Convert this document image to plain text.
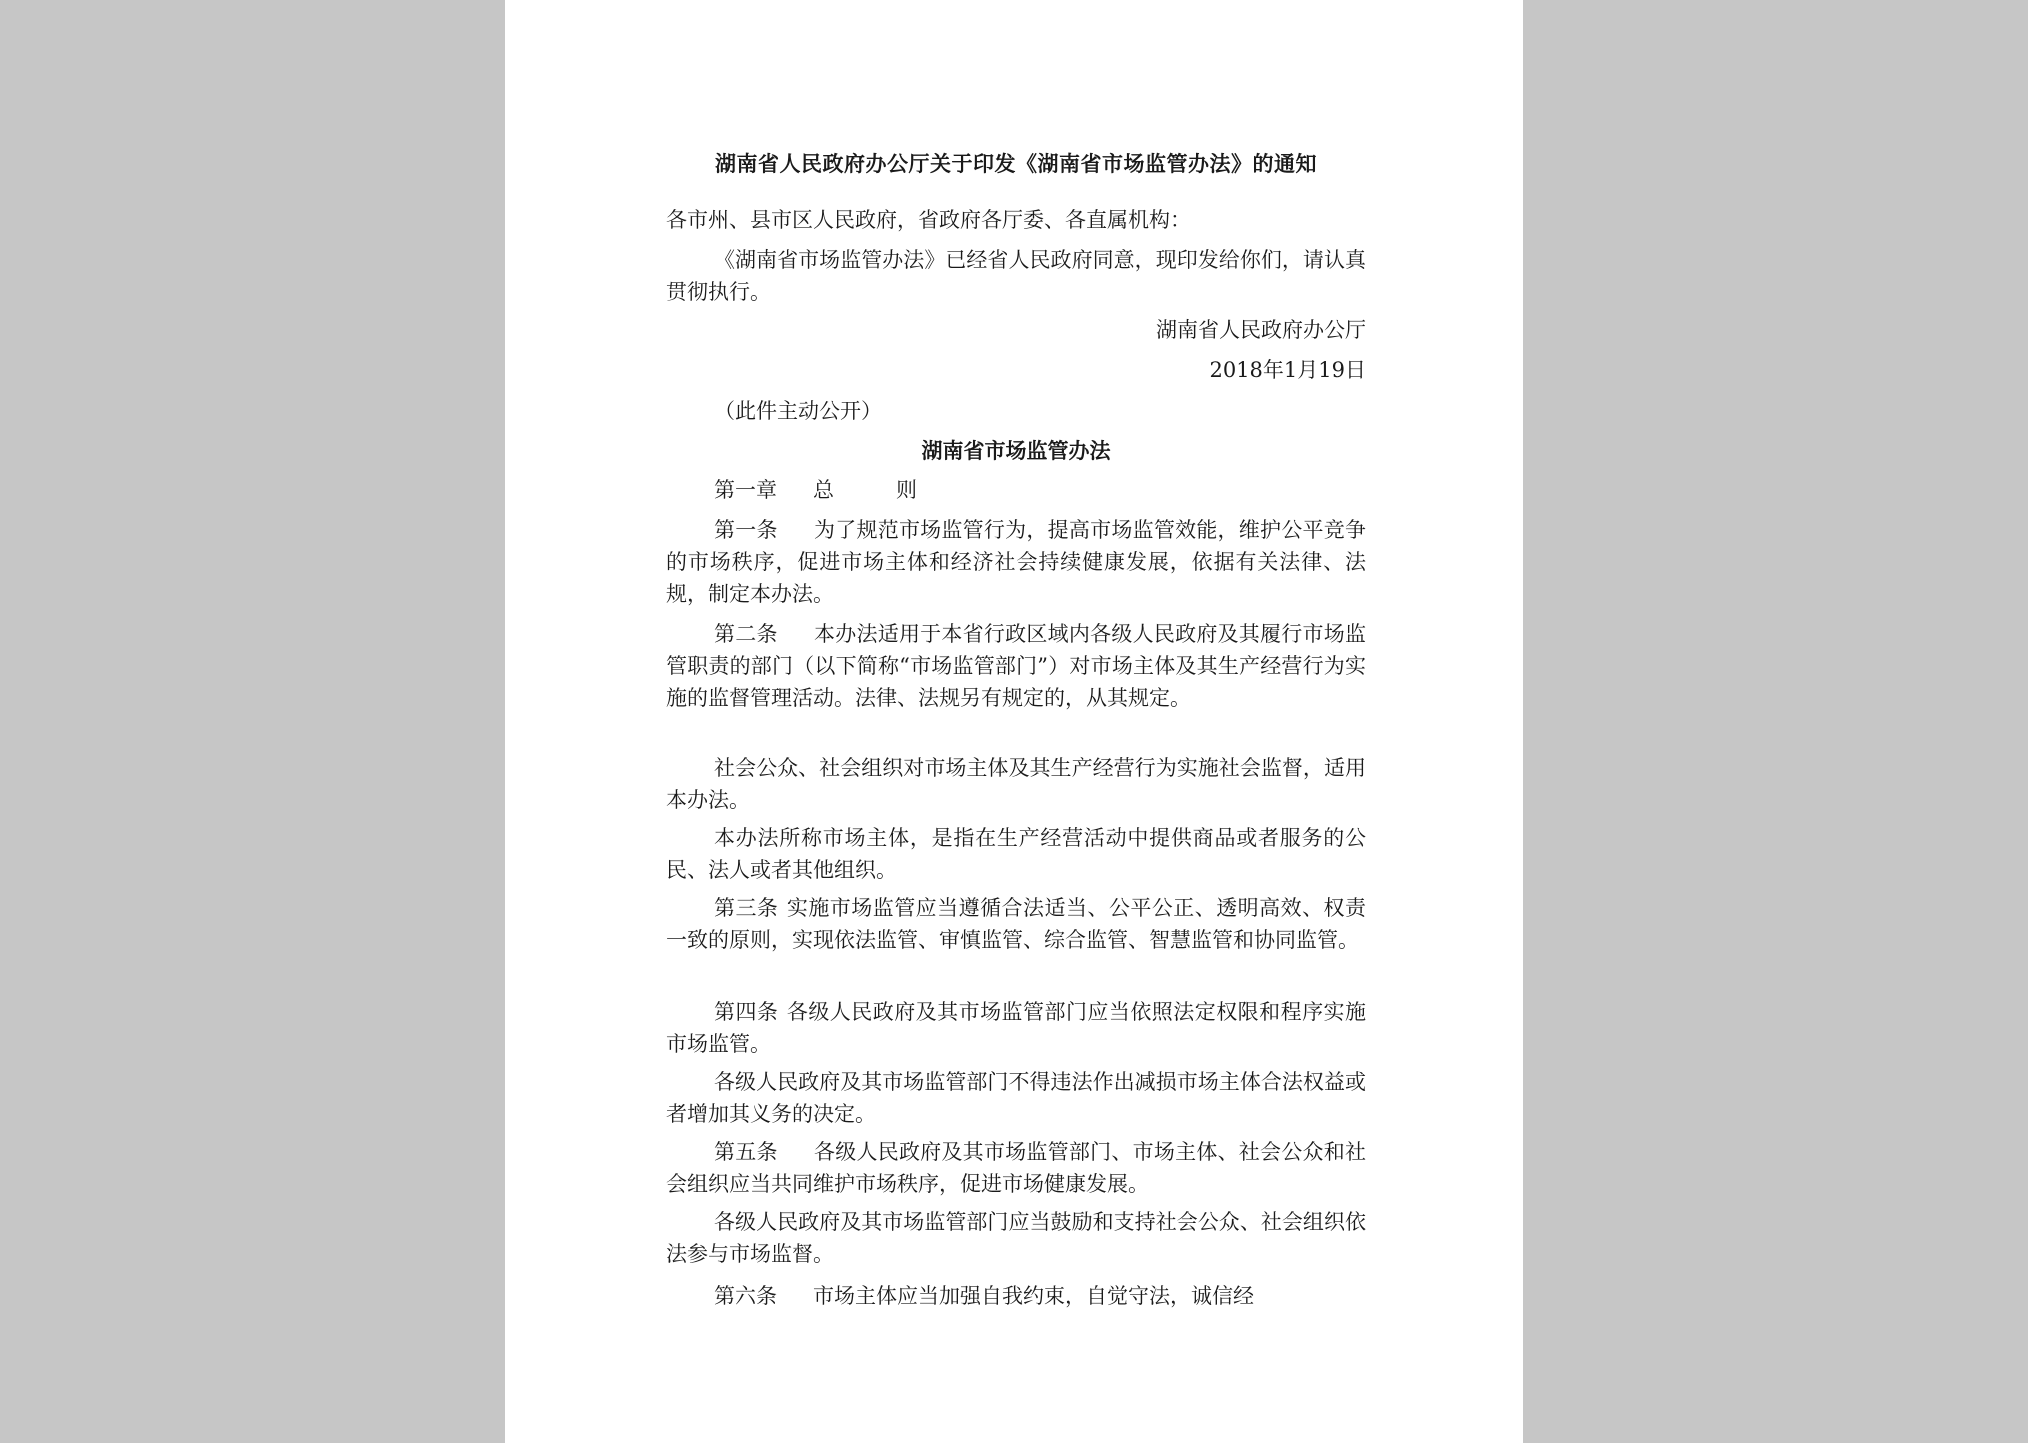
湖南省人民政府办公厅关于印发《湖南省市场监管办法》的通知
各市州、县市区人民政府，省政府各厅委、各直属机构：
《湖南省市场监管办法》已经省人民政府同意，现印发给你们，请认真贯彻执行。
湖南省人民政府办公厅
2018年1月19日
（此件主动公开）
湖南省市场监管办法
第一章 总	则
第一条 为了规范市场监管行为，提高市场监管效能，维护公平竞争的市场秩序，促进市场主体和经济社会持续健康发展，依据有关法律、法规，制定本办法。
第二条 本办法适用于本省行政区域内各级人民政府及其履行市场监管职责的部门（以下简称“市场监管部门”）对市场主体及其生产经营行为实施的监督管理活动。法律、法规另有规定的，从其规定。
社会公众、社会组织对市场主体及其生产经营行为实施社会监督，适用本办法。
本办法所称市场主体，是指在生产经营活动中提供商品或者服务的公民、法人或者其他组织。
第三条 实施市场监管应当遵循合法适当、公平公正、透明高效、权责一致的原则，实现依法监管、审慎监管、综合监管、智慧监管和协同监管。
第四条 各级人民政府及其市场监管部门应当依照法定权限和程序实施市场监管。
各级人民政府及其市场监管部门不得违法作出减损市场主体合法权益或者增加其义务的决定。
第五条 各级人民政府及其市场监管部门、市场主体、社会公众和社会组织应当共同维护市场秩序，促进市场健康发展。
各级人民政府及其市场监管部门应当鼓励和支持社会公众、社会组织依法参与市场监督。
第六条 市场主体应当加强自我约束，自觉守法，诚信经
